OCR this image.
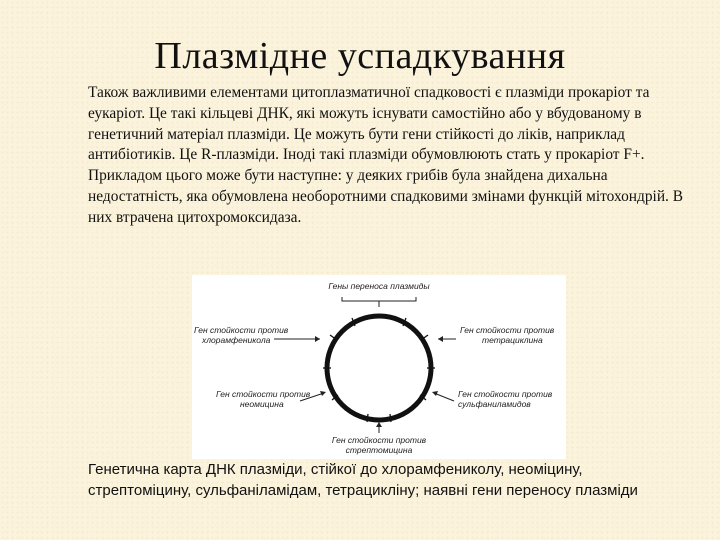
Плазмідне успадкування
Також важливими елементами цитоплазматичної спадковості є плазміди прокаріот та еукаріот. Це такі кільцеві ДНК, які можуть існувати самостійно або у вбудованому в генетичний матеріал плазміди. Це можуть бути гени стійкості до ліків, наприклад антибіотиків. Це R-плазміди. Іноді такі плазміди обумовлюють стать у прокаріот F+. Прикладом цього може бути наступне: у деяких грибів була знайдена дихальна недостатність, яка обумовлена необоротними спадковими змінами функцій мітохондрій. В них втрачена цитохромоксидаза.
Гены переноса плазмиды
Ген стойкости против
хлорамфеникола
Ген стойкости против
тетрациклина
Ген стойкости против
неомицина
Ген стойкости против
сульфаниламидов
Ген стойкости против
стрептомицина
Генетична карта ДНК плазміди, стійкої до хлорамфениколу, неоміцину, стрептоміцину, сульфаніламідам, тетрацикліну; наявні гени переносу плазміди
